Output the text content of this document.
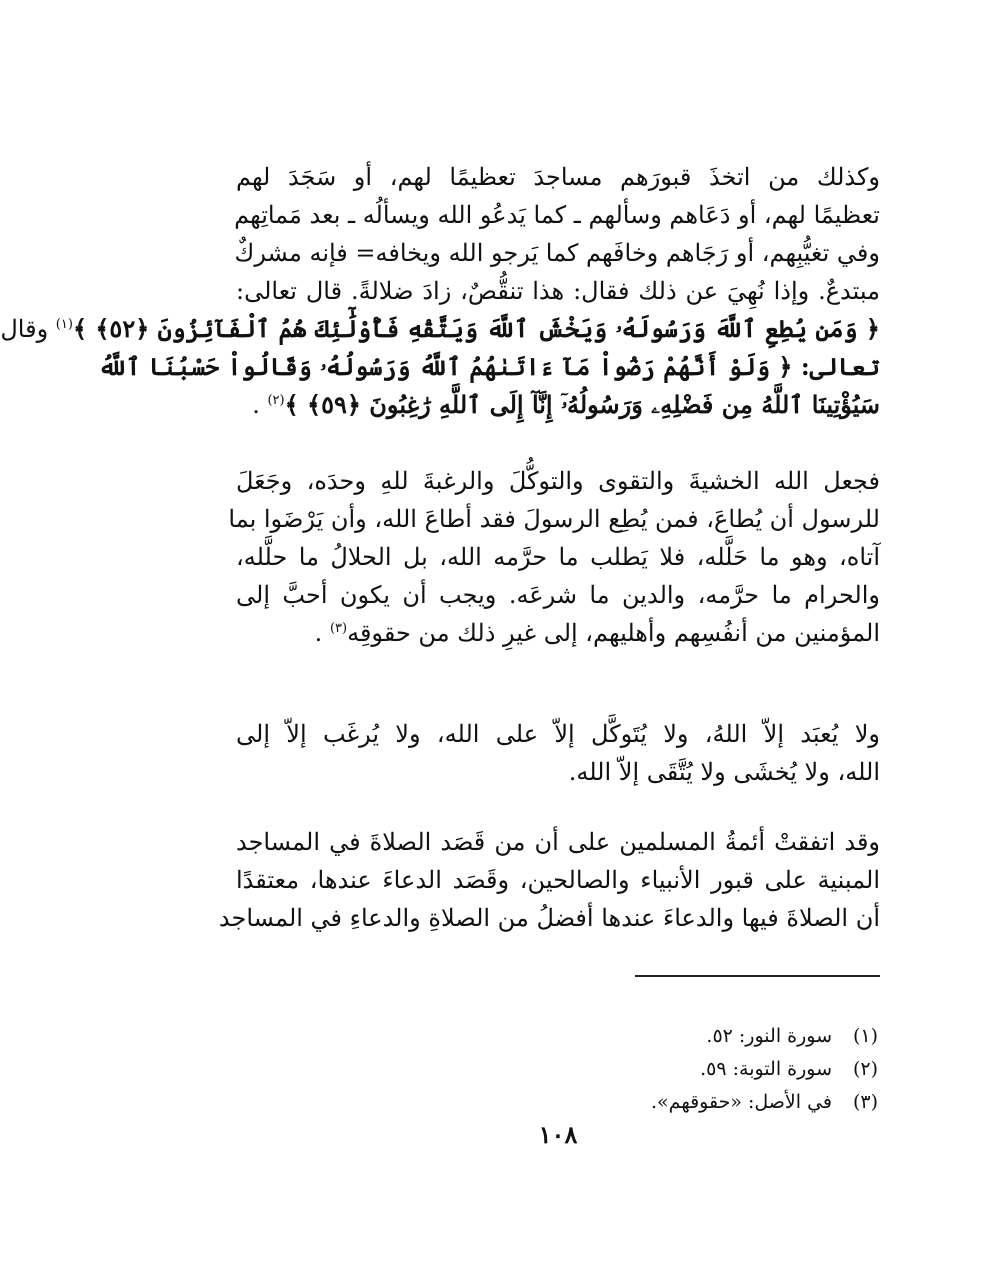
وكذلك من اتخذَ قبورَهم مساجدَ تعظيمًا لهم، أو سَجَدَ لهم
تعظيمًا لهم، أو دَعَاهم وسألهم ـ كما يَدعُو الله ويسألُه ـ بعد مَماتِهم
وفي تغيُّبِهم، أو رَجَاهم وخافَهم كما يَرجو الله ويخافه= فإنه مشركٌ
مبتدعٌ. وإذا نُهِيَ عن ذلك فقال: هذا تنقُّصٌ، زادَ ضلالةً. قال تعالى:
﴿ وَمَن يُطِعِ ٱللَّهَ وَرَسُولَهُۥ وَيَخْشَ ٱللَّهَ وَيَتَّقْهِ فَأُوْلَٰٓئِكَ هُمُ ٱلْفَآئِزُونَ ﴿٥٢﴾ ﴾$^{(١)}$ وقال
تعالى: ﴿ وَلَوْ أَنَّهُمْ رَضُواْ مَآ ءَاتَىٰهُمُ ٱللَّهُ وَرَسُولُهُۥ وَقَالُواْ حَسْبُنَا ٱللَّهُ
سَيُؤْتِينَا ٱللَّهُ مِن فَضْلِهِۦ وَرَسُولُهُۥٓ إِنَّآ إِلَى ٱللَّهِ رَٰغِبُونَ ﴿٥٩﴾ ﴾$^{(٢)}$ .
فجعل الله الخشيةَ والتقوى والتوكُّلَ والرغبةَ للهِ وحدَه، وجَعَلَ
للرسول أن يُطاعَ، فمن يُطِع الرسولَ فقد أطاعَ الله، وأن يَرْضَوا بما
آتاه، وهو ما حَلَّله، فلا يَطلب ما حرَّمه الله، بل الحلالُ ما حلَّله،
والحرام ما حرَّمه، والدين ما شرعَه. ويجب أن يكون أحبَّ إلى
المؤمنين من أنفُسِهم وأهليهم، إلى غيرِ ذلك من حقوقِه$^{(٣)}$ .
ولا يُعبَد إلاّ اللهُ، ولا يُتَوكَّل إلاّ على الله، ولا يُرغَب إلاّ إلى
الله، ولا يُخشَى ولا يُتَّقَى إلاّ الله.
وقد اتفقتْ أئمةُ المسلمين على أن من قَصَد الصلاةَ في المساجد
المبنية على قبور الأنبياء والصالحين، وقَصَد الدعاءَ عندها، معتقدًا
أن الصلاةَ فيها والدعاءَ عندها أفضلُ من الصلاةِ والدعاءِ في المساجد
(١)سورة النور: ٥٢.
(٢)سورة التوبة: ٥٩.
(٣)في الأصل: «حقوقهم».
١٠٨
